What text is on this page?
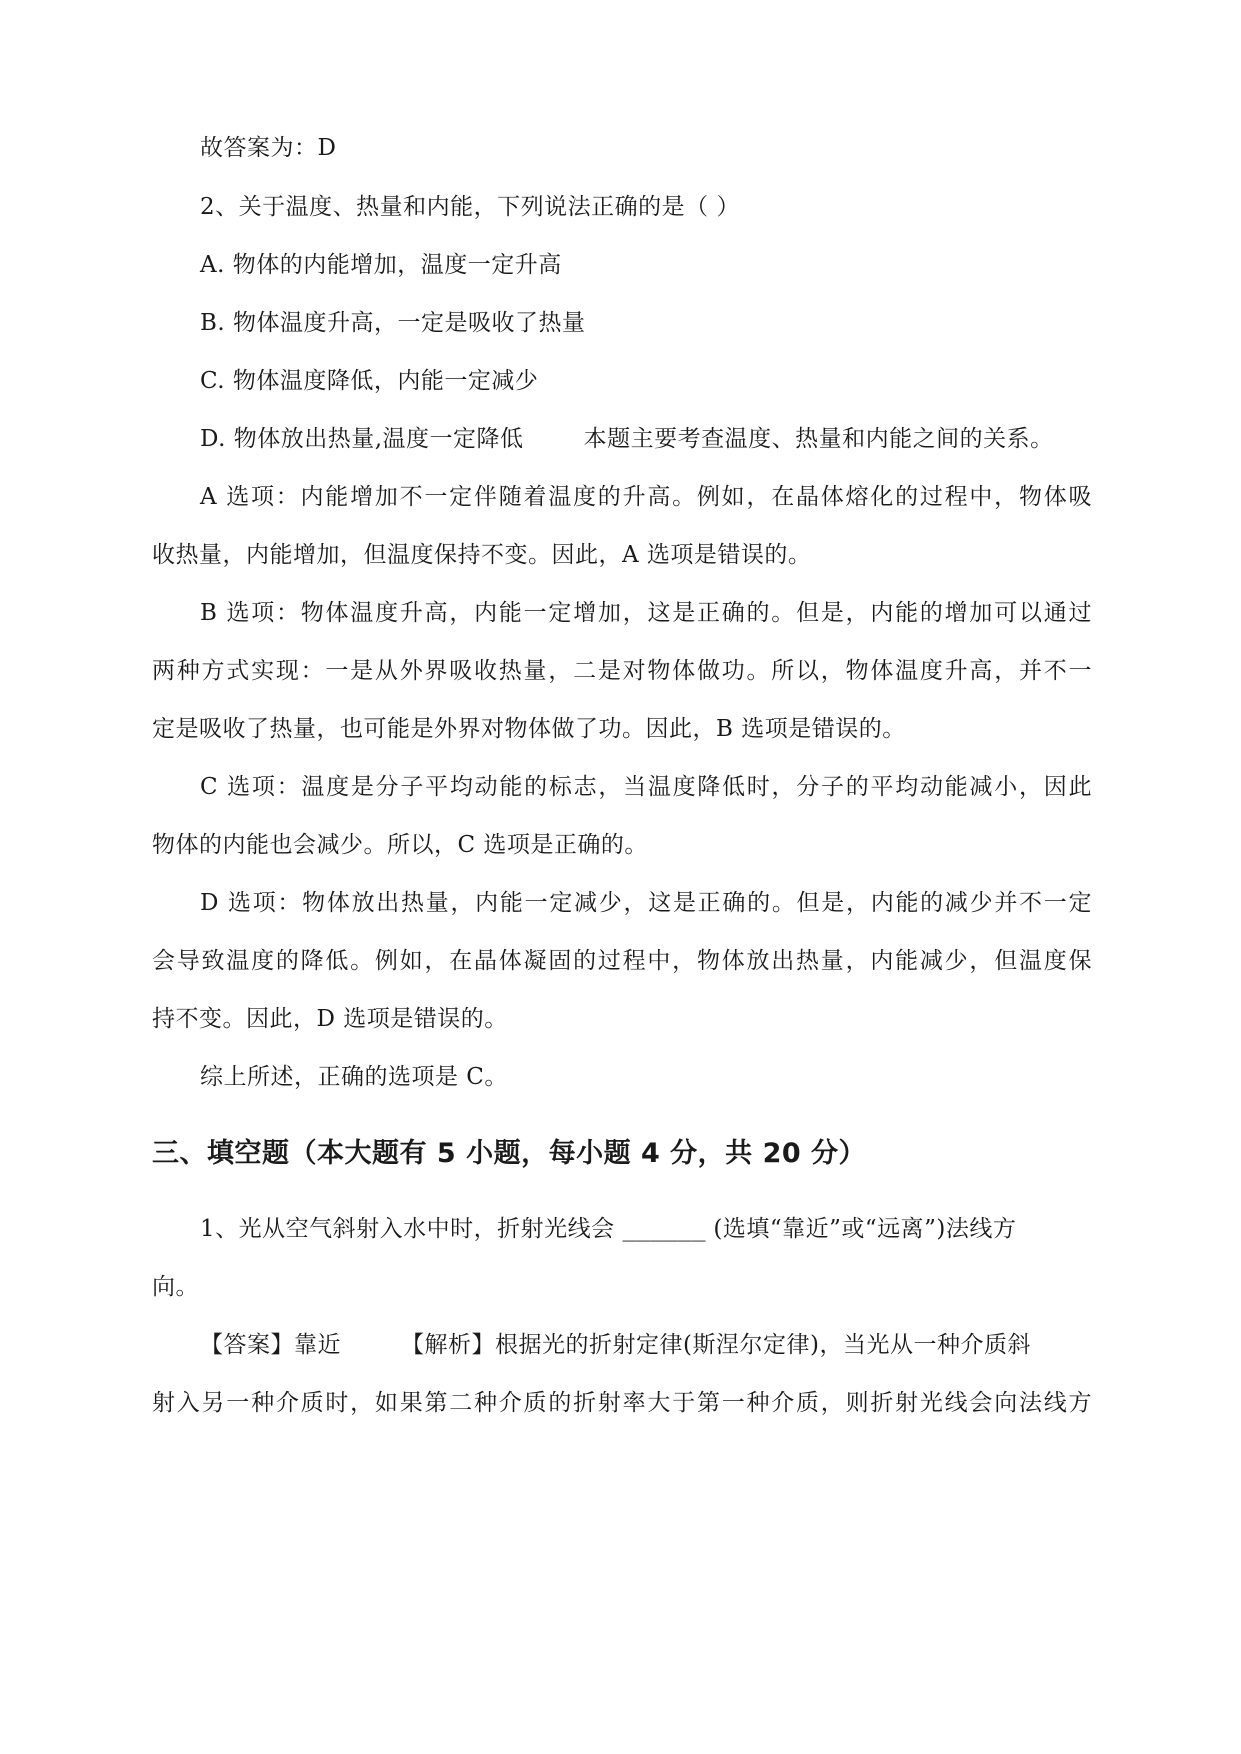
故答案为：D
2、关于温度、热量和内能，下列说法正确的是（ ）
A. 物体的内能增加，温度一定升高
B. 物体温度升高，一定是吸收了热量
C. 物体温度降低，内能一定减少
D. 物体放出热量,温度一定降低	本题主要考查温度、热量和内能之间的关系。
A 选项：内能增加不一定伴随着温度的升高。例如，在晶体熔化的过程中，物体吸
收热量，内能增加，但温度保持不变。因此，A 选项是错误的。
B 选项：物体温度升高，内能一定增加，这是正确的。但是，内能的增加可以通过
两种方式实现：一是从外界吸收热量，二是对物体做功。所以，物体温度升高，并不一
定是吸收了热量，也可能是外界对物体做了功。因此，B 选项是错误的。
C 选项：温度是分子平均动能的标志，当温度降低时，分子的平均动能减小，因此
物体的内能也会减少。所以，C 选项是正确的。
D 选项：物体放出热量，内能一定减少，这是正确的。但是，内能的减少并不一定
会导致温度的降低。例如，在晶体凝固的过程中，物体放出热量，内能减少，但温度保
持不变。因此，D 选项是错误的。
综上所述，正确的选项是 C。
三、填空题（本大题有 5 小题，每小题 4 分，共 20 分）
1、光从空气斜射入水中时，折射光线会 ______ (选填“靠近”或“远离”)法线方
向。
【答案】靠近	【解析】根据光的折射定律(斯涅尔定律)，当光从一种介质斜
射入另一种介质时，如果第二种介质的折射率大于第一种介质，则折射光线会向法线方
